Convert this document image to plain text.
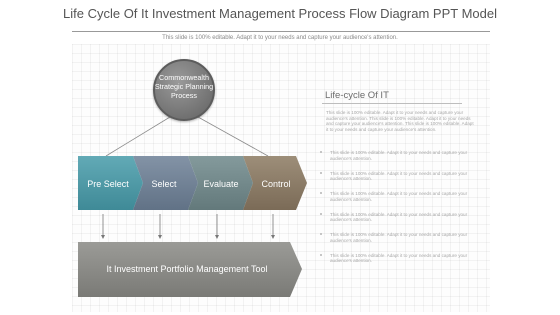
Life Cycle Of It Investment Management Process Flow Diagram PPT Model
This slide is 100% editable. Adapt it to your needs and capture your audience's attention.
Commonwealth Strategic Planning Process
Pre Select	Select	Evaluate	Control
It Investment Portfolio Management Tool
Life-cycle Of IT
This slide is 100% editable. Adapt it to your needs and capture your audience's attention. This slide is 100% editable. Adapt it to your needs and capture your audience's attention. This slide is 100% editable. Adapt it to your needs and capture your audience's attention.
This slide is 100% editable. Adapt it to your needs and capture your audience's attention.
This slide is 100% editable. Adapt it to your needs and capture your audience's attention.
This slide is 100% editable. Adapt it to your needs and capture your audience's attention.
This slide is 100% editable. Adapt it to your needs and capture your audience's attention.
This slide is 100% editable. Adapt it to your needs and capture your audience's attention.
This slide is 100% editable. Adapt it to your needs and capture your audience's attention.
